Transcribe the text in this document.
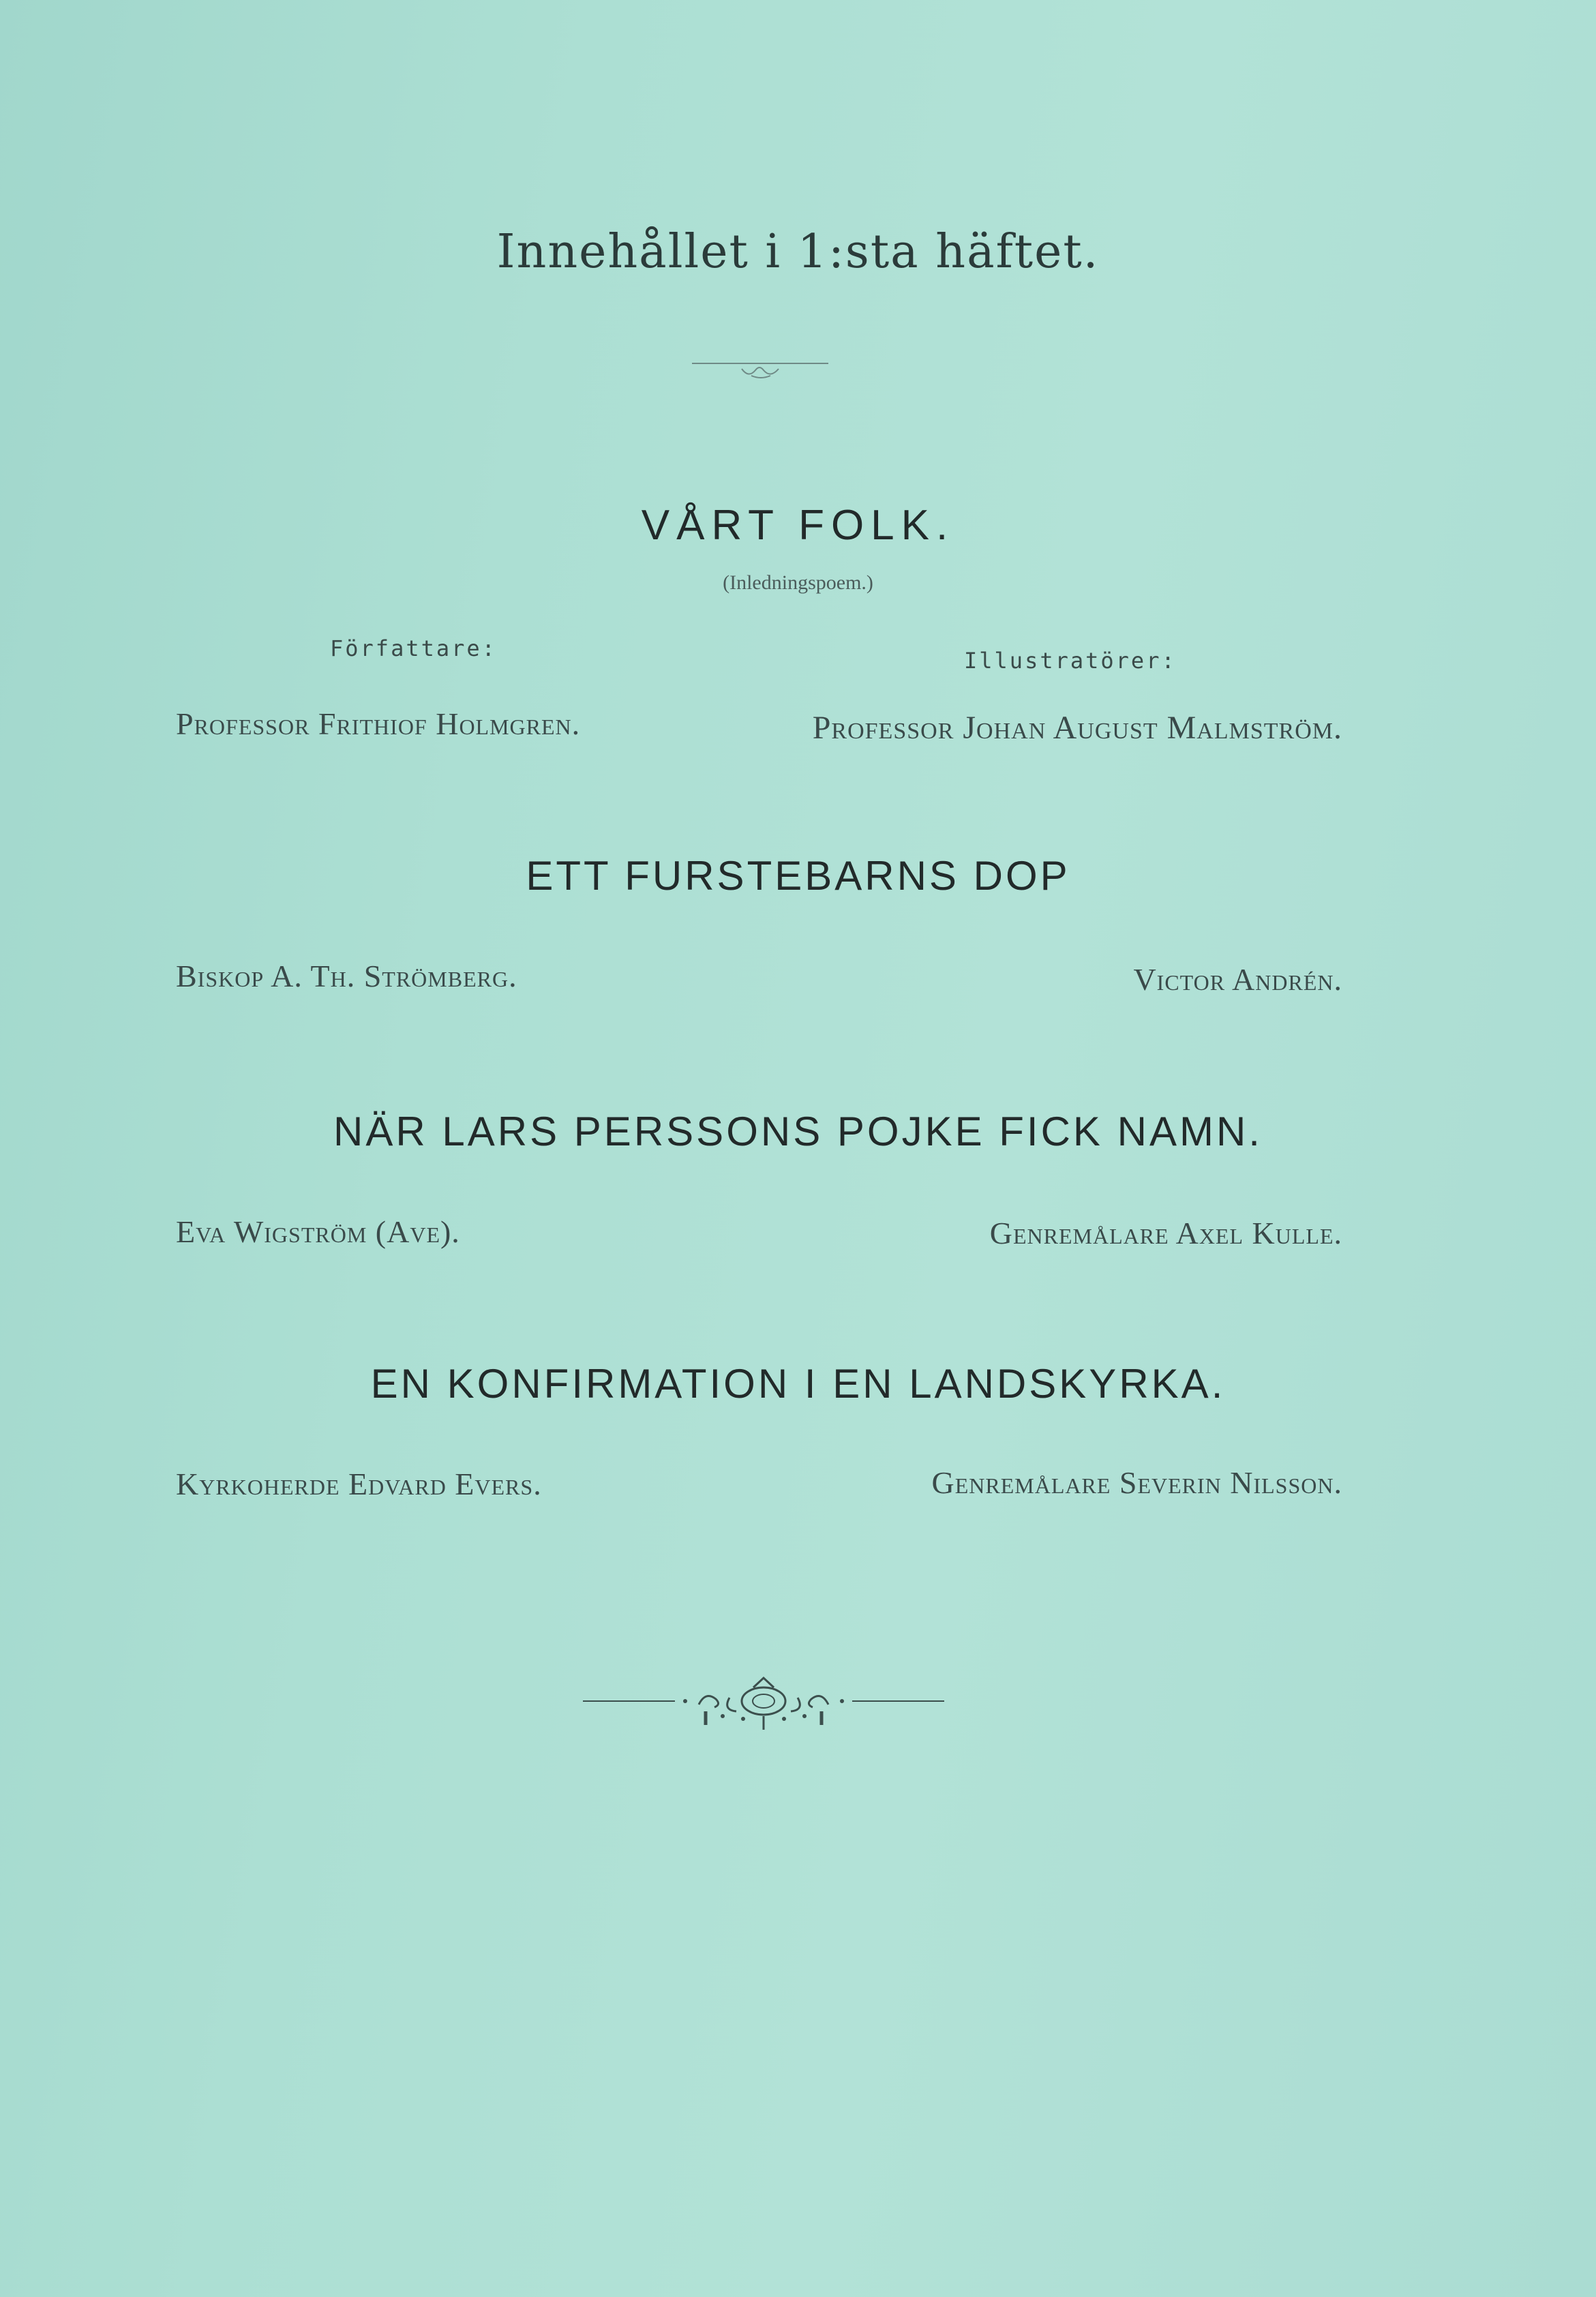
Innehållet i 1:sta häftet.
VÅRT FOLK.
(Inledningspoem.)
Författare:	Illustratörer:
Professor Frithiof Holmgren.	Professor Johan August Malmström.
ETT FURSTEBARNS DOP
Biskop A. Th. Strömberg.	Victor Andrén.
NÄR LARS PERSSONS POJKE FICK NAMN.
Eva Wigström (Ave).	Genremålare Axel Kulle.
EN KONFIRMATION I EN LANDSKYRKA.
Kyrkoherde Edvard Evers.	Genremålare Severin Nilsson.
